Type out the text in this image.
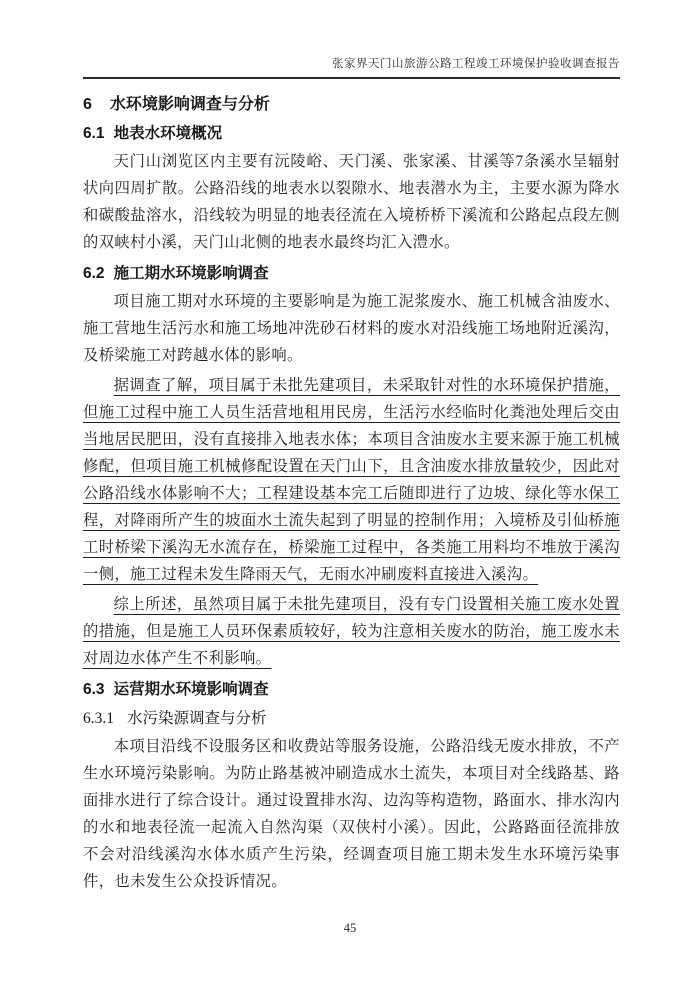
张家界天门山旅游公路工程竣工环境保护验收调查报告
6 水环境影响调查与分析
6.1 地表水环境概况

天门山浏览区内主要有沅陵峪、天门溪、张家溪、甘溪等7条溪水呈辐射状向四周扩散。公路沿线的地表水以裂隙水、地表潜水为主，主要水源为降水和碳酸盐溶水，沿线较为明显的地表径流在入境桥桥下溪流和公路起点段左侧的双峡村小溪，天门山北侧的地表水最终均汇入澧水。

6.2 施工期水环境影响调查

项目施工期对水环境的主要影响是为施工泥浆废水、施工机械含油废水、施工营地生活污水和施工场地冲洗砂石材料的废水对沿线施工场地附近溪沟，及桥梁施工对跨越水体的影响。

据调查了解，项目属于未批先建项目，未采取针对性的水环境保护措施，但施工过程中施工人员生活营地租用民房，生活污水经临时化粪池处理后交由当地居民肥田，没有直接排入地表水体；本项目含油废水主要来源于施工机械修配，但项目施工机械修配设置在天门山下，且含油废水排放量较少，因此对公路沿线水体影响不大；工程建设基本完工后随即进行了边坡、绿化等水保工程，对降雨所产生的坡面水土流失起到了明显的控制作用；入境桥及引仙桥施工时桥梁下溪沟无水流存在，桥梁施工过程中，各类施工用料均不堆放于溪沟一侧，施工过程未发生降雨天气，无雨水冲刷废料直接进入溪沟。

综上所述，虽然项目属于未批先建项目，没有专门设置相关施工废水处置的措施，但是施工人员环保素质较好，较为注意相关废水的防治，施工废水未对周边水体产生不利影响。

6.3 运营期水环境影响调查
6.3.1 水污染源调查与分析

本项目沿线不设服务区和收费站等服务设施，公路沿线无废水排放，不产生水环境污染影响。为防止路基被冲刷造成水土流失，本项目对全线路基、路面排水进行了综合设计。通过设置排水沟、边沟等构造物，路面水、排水沟内的水和地表径流一起流入自然沟渠（双侠村小溪）。因此，公路路面径流排放不会对沿线溪沟水体水质产生污染，经调查项目施工期未发生水环境污染事件，也未发生公众投诉情况。

45
